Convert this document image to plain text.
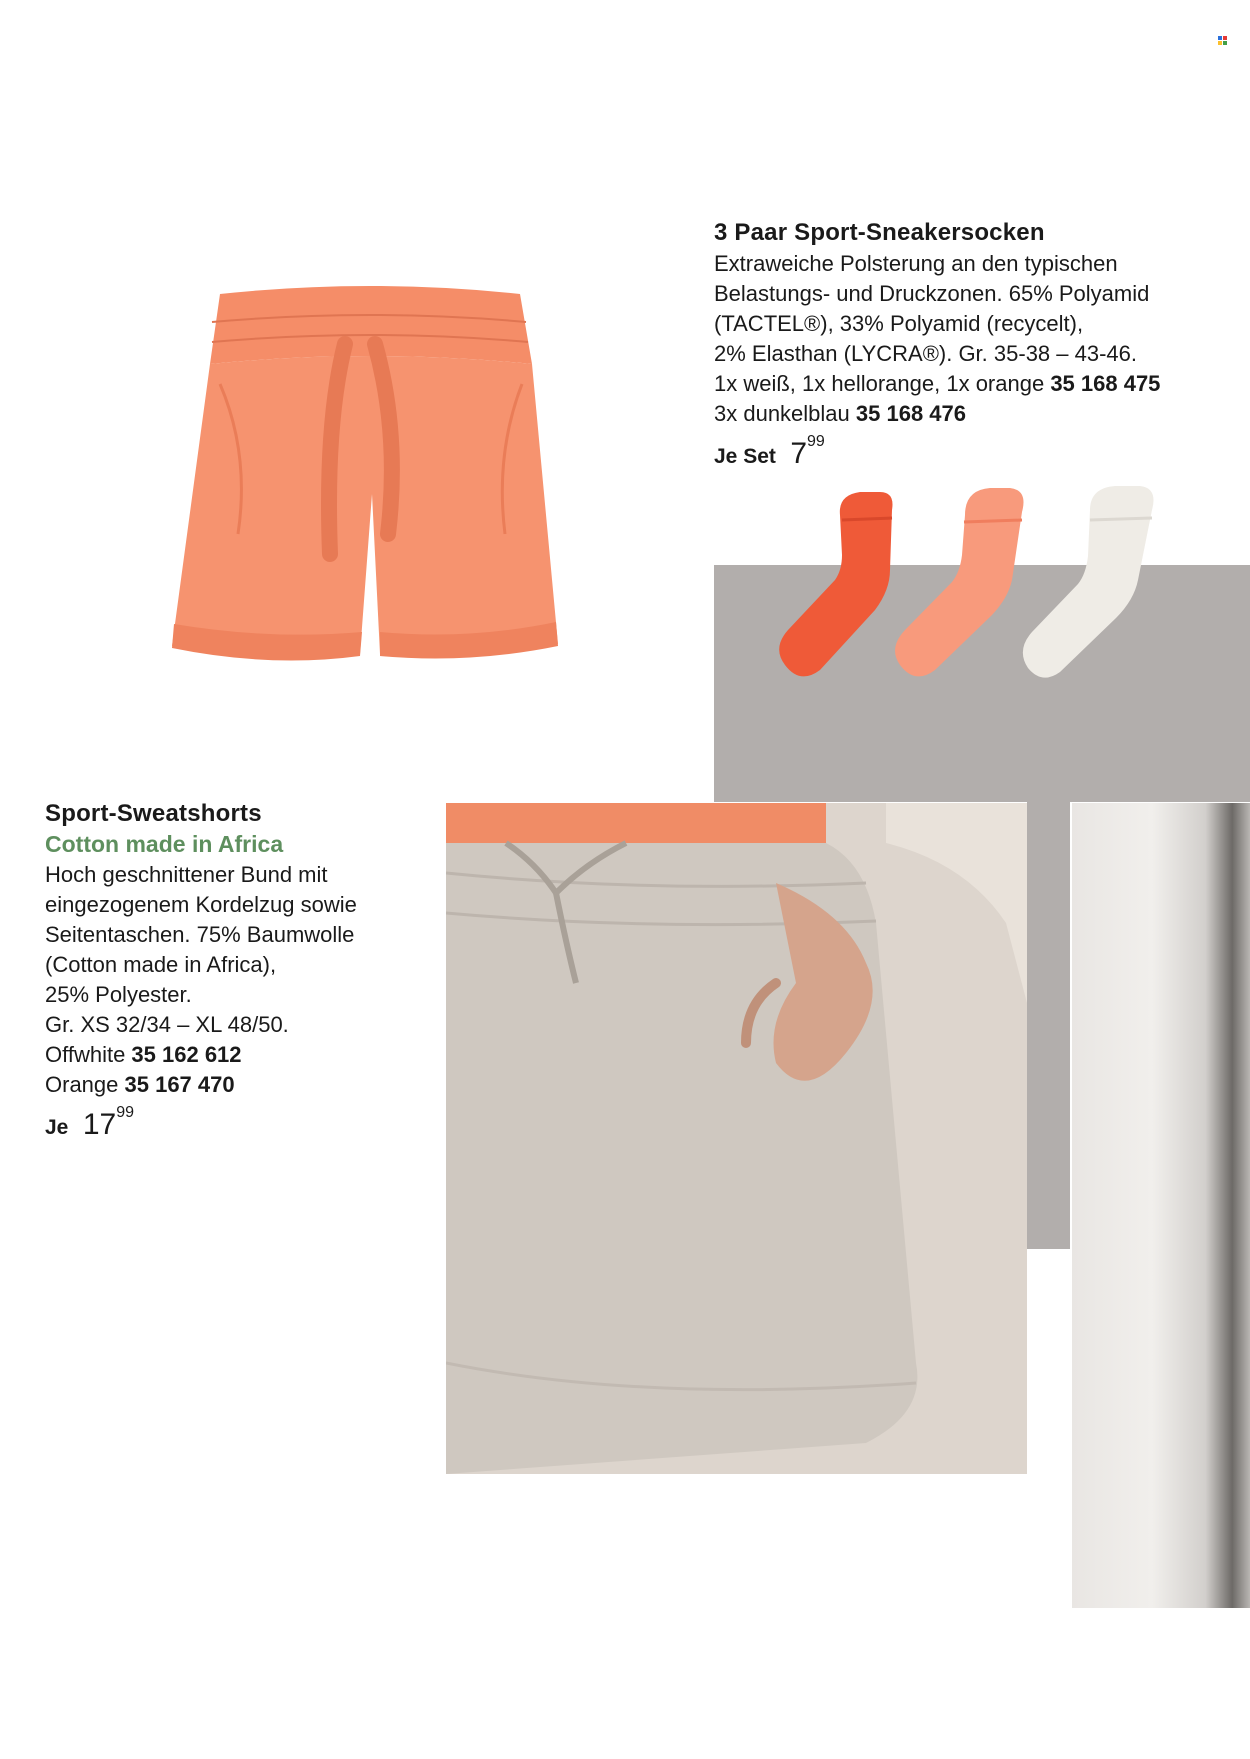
3 Paar Sport-Sneakersocken
Extraweiche Polsterung an den typischen
Belastungs- und Druckzonen. 65% Polyamid
(TACTEL®), 33% Polyamid (recycelt),
2% Elasthan (LYCRA®). Gr. 35-38 – 43-46.
1x weiß, 1x hellorange, 1x orange 35 168 475
3x dunkelblau 35 168 476
Je Set 799
Sport-Sweatshorts
Cotton made in Africa
Hoch geschnittener Bund mit
eingezogenem Kordelzug sowie
Seitentaschen. 75% Baumwolle
(Cotton made in Africa),
25% Polyester.
Gr. XS 32/34 – XL 48/50.
Offwhite 35 162 612
Orange 35 167 470
Je 1799
